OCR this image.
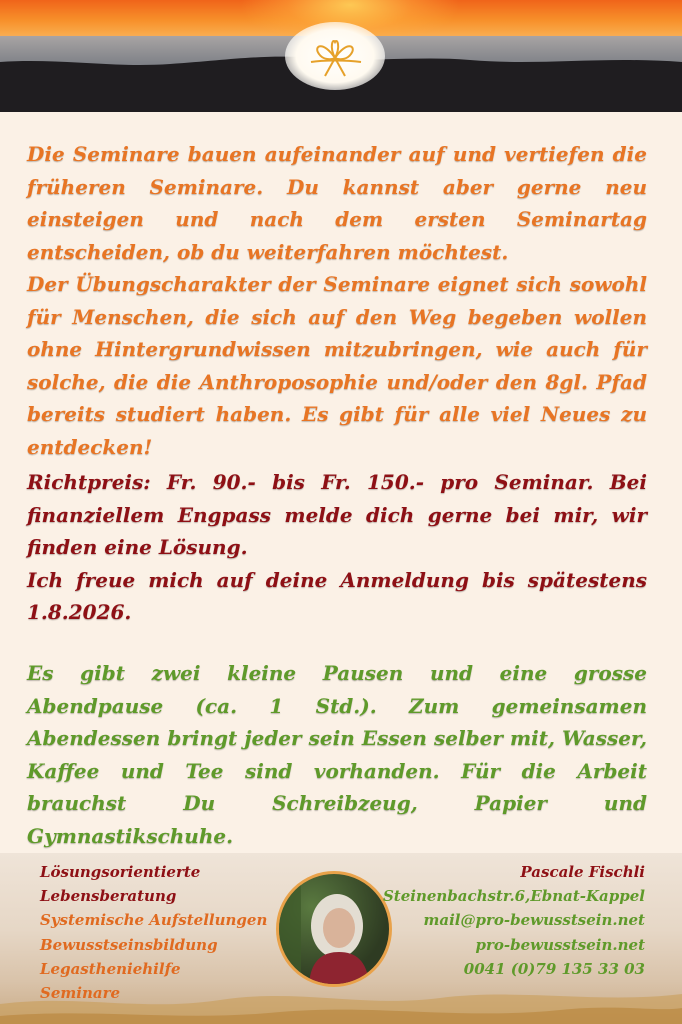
Die Seminare bauen aufeinander auf und vertiefen die früheren Seminare. Du kannst aber gerne neu einsteigen und nach dem ersten Seminartag entscheiden, ob du weiterfahren möchtest.

Der Übungscharakter der Seminare eignet sich sowohl für Menschen, die sich auf den Weg begeben wollen ohne Hintergrundwissen mitzubringen, wie auch für solche, die die Anthroposophie und/oder den 8gl. Pfad bereits studiert haben. Es gibt für alle viel Neues zu entdecken!

Richtpreis: Fr. 90.- bis Fr. 150.- pro Seminar. Bei finanziellem Engpass melde dich gerne bei mir, wir finden eine Lösung.

Ich freue mich auf deine Anmeldung bis spätestens 1.8.2026.

Es gibt zwei kleine Pausen und eine grosse Abendpause (ca. 1 Std.). Zum gemeinsamen Abendessen bringt jeder sein Essen selber mit, Wasser, Kaffee und Tee sind vorhanden. Für die Arbeit brauchst Du Schreibzeug, Papier und Gymnastikschuhe.

Lösungsorientierte
Lebensberatung
Systemische Aufstellungen
Bewusstseinsbildung
Legastheniehilfe
Seminare
Pascale Fischli
Steinenbachstr.6,Ebnat-Kappel
mail@pro-bewusstsein.net
pro-bewusstsein.net
0041 (0)79 135 33 03
